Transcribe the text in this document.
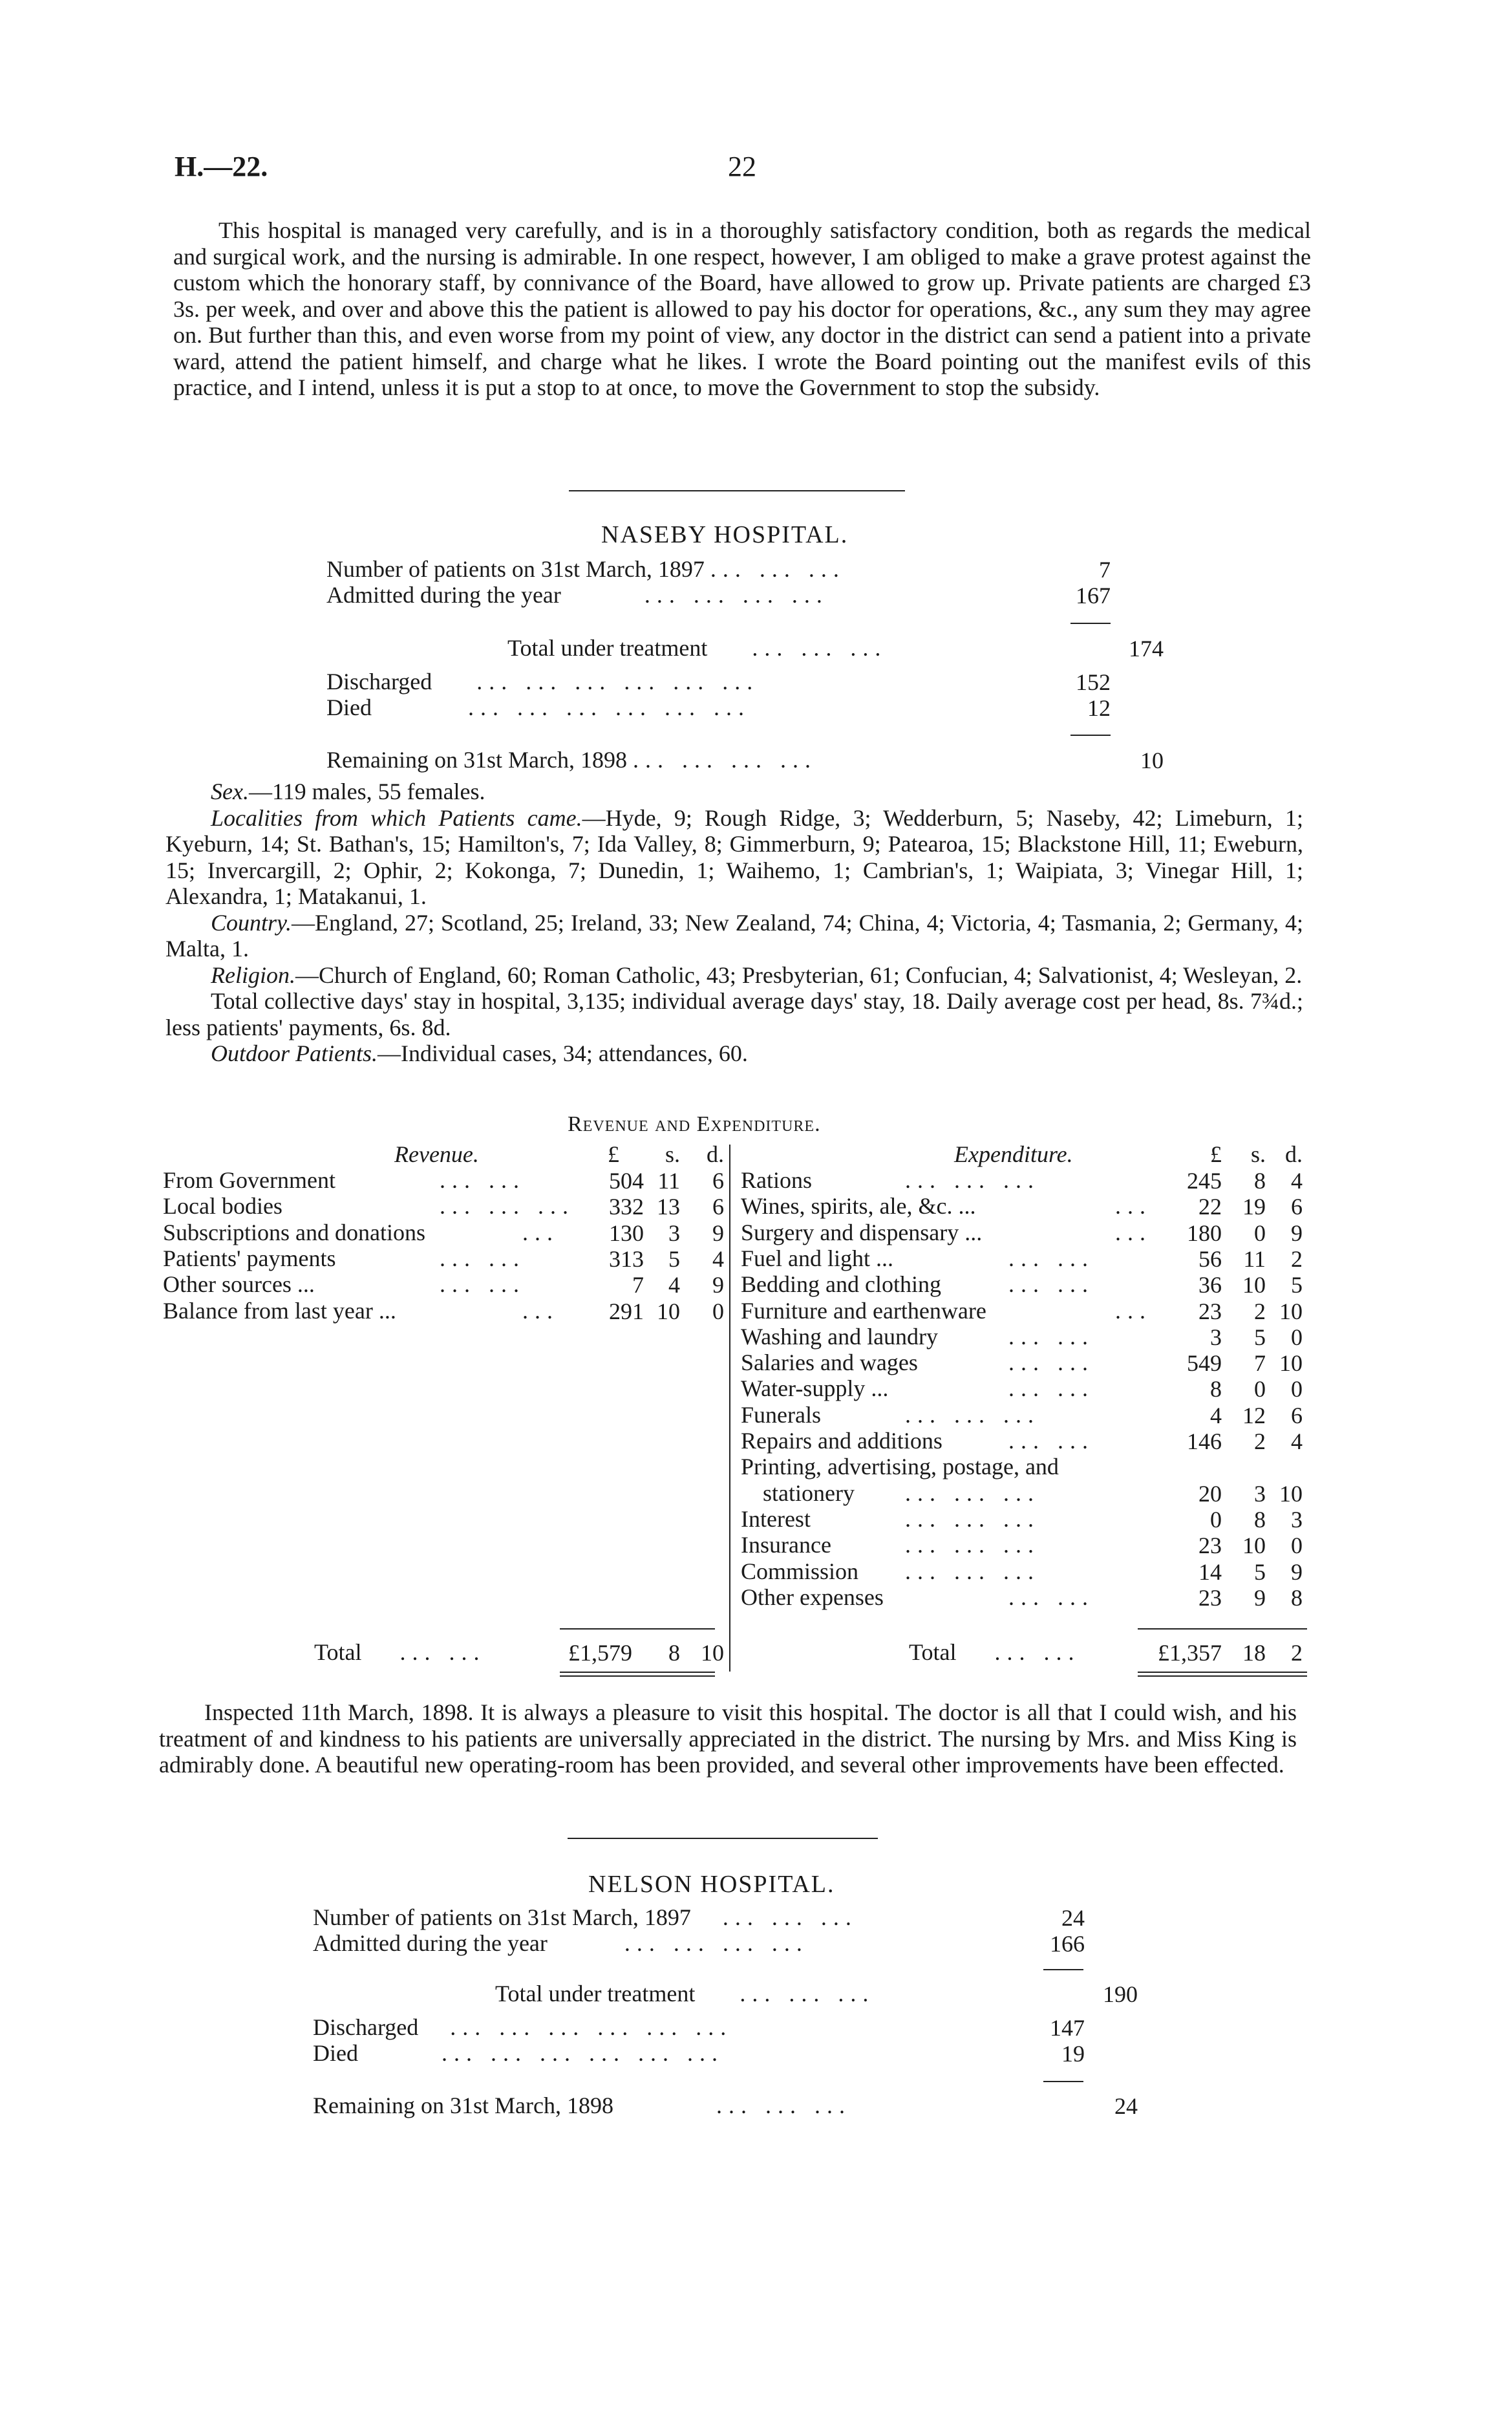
H.—22.	22

This hospital is managed very carefully, and is in a thoroughly satisfactory condition, both as regards the medical and surgical work, and the nursing is admirable. In one respect, however, I am obliged to make a grave protest against the custom which the honorary staff, by connivance of the Board, have allowed to grow up. Private patients are charged £3 3s. per week, and over and above this the patient is allowed to pay his doctor for operations, &c., any sum they may agree on. But further than this, and even worse from my point of view, any doctor in the district can send a patient into a private ward, attend the patient himself, and charge what he likes. I wrote the Board pointing out the manifest evils of this practice, and I intend, unless it is put a stop to at once, to move the Government to stop the subsidy.

NASEBY HOSPITAL.
Number of patients on 31st March, 1897 ... ... ...	7
Admitted during the year	... ... ... ...	167
Total under treatment ... ... ...	174
Discharged ... ... ... ... ... ...	152
Died	... ... ... ... ... ...	12
Remaining on 31st March, 1898 ... ... ... ...	10

Sex.—119 males, 55 females.

Localities from which Patients came.—Hyde, 9; Rough Ridge, 3; Wedderburn, 5; Naseby, 42; Limeburn, 1; Kyeburn, 14; St. Bathan's, 15; Hamilton's, 7; Ida Valley, 8; Gimmerburn, 9; Patearoa, 15; Blackstone Hill, 11; Eweburn, 15; Invercargill, 2; Ophir, 2; Kokonga, 7; Dunedin, 1; Waihemo, 1; Cambrian's, 1; Waipiata, 3; Vinegar Hill, 1; Alexandra, 1; Matakanui, 1.

Country.—England, 27; Scotland, 25; Ireland, 33; New Zealand, 74; China, 4; Victoria, 4; Tasmania, 2; Germany, 4; Malta, 1.

Religion.—Church of England, 60; Roman Catholic, 43; Presbyterian, 61; Confucian, 4; Salvationist, 4; Wesleyan, 2.

Total collective days' stay in hospital, 3,135; individual average days' stay, 18. Daily average cost per head, 8s. 7¾d.; less patients' payments, 6s. 8d.

Outdoor Patients.—Individual cases, 34; attendances, 60.

Revenue and Expenditure.
Revenue.	£	s.	d.
From Government	... ...	504 11	6
Local bodies	... ... ...	332 13	6
Subscriptions and donations	...	130	3	9
Patients' payments	... ...	313	5	4
Other sources ...	... ...	7	4	9
Balance from last year ...	...	291 10	0
Expenditure.	£	s. d.
Rations	... ... ...	245	8	4
Wines, spirits, ale, &c. ...	...	22 19	6
Surgery and dispensary ...	...	180	0	9
Fuel and light ...	... ...	56 11	2
Bedding and clothing	... ...	36 10	5
Furniture and earthenware	...	23	2 10
Washing and laundry	... ...	3	5	0
Salaries and wages	... ...	549	7 10
Water-supply ...	... ...	8	0	0
Funerals	... ... ...	4 12	6
Repairs and additions	... ...	146	2	4
Printing, advertising, postage, and
stationery ... ... ...	20	3 10
Interest	... ... ...	0	8	3
Insurance	... ... ...	23 10	0
Commission ... ... ...	14	5	9
Other expenses	... ...	23	9	8
Total ... ...	£1,579	8 10	Total ... ...	£1,357 18	2

Inspected 11th March, 1898. It is always a pleasure to visit this hospital. The doctor is all that I could wish, and his treatment of and kindness to his patients are universally appreciated in the district. The nursing by Mrs. and Miss King is admirably done. A beautiful new operating-room has been provided, and several other improvements have been effected.

NELSON HOSPITAL.
Number of patients on 31st March, 1897 ... ... ...	24
Admitted during the year	... ... ... ...	166
Total under treatment ... ... ...	190
Discharged ... ... ... ... ... ...	147
Died	... ... ... ... ... ...	19
Remaining on 31st March, 1898	... ... ...	24
